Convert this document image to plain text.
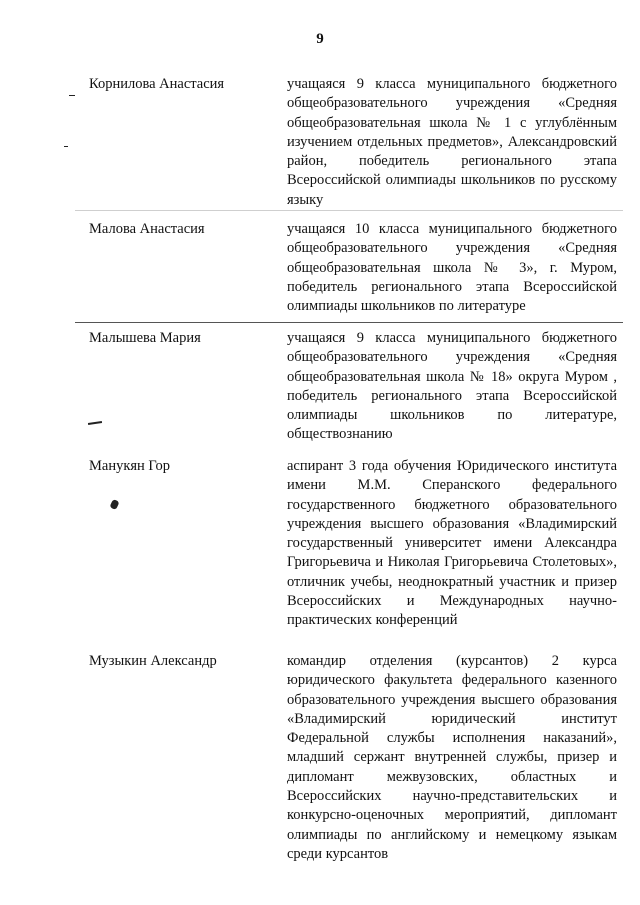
9
Корнилова Анастасия	учащаяся 9 класса муниципального бюджетного общеобразовательного учреждения «Средняя общеобразовательная школа № 1 с углублённым изучением отдельных предметов», Александровский район, победитель регионального этапа Всероссийской олимпиады школьников по русскому языку
Малова Анастасия	учащаяся 10 класса муниципального бюджетного общеобразовательного учреждения «Средняя общеобразовательная школа № 3», г. Муром, победитель регионального этапа Всероссийской олимпиады школьников по литературе
Малышева Мария	учащаяся 9 класса муниципального бюджетного общеобразовательного учреждения «Средняя общеобразовательная школа № 18» округа Муром , победитель регионального этапа Всероссийской олимпиады школьников по литературе, обществознанию
Манукян Гор	аспирант 3 года обучения Юридического института имени М.М. Сперанского федерального государственного бюджетного образовательного учреждения высшего образования «Владимирский государственный университет имени Александра Григорьевича и Николая Григорьевича Столетовых», отличник учебы, неоднократный участник и призер Всероссийских и Международных научно-практических конференций
Музыкин Александр	командир отделения (курсантов) 2 курса юридического факультета федерального казенного образовательного учреждения высшего образования «Владимирский юридический институт Федеральной службы исполнения наказаний», младший сержант внутренней службы, призер и дипломант межвузовских, областных и Всероссийских научно-представительских и конкурсно-оценочных мероприятий, дипломант олимпиады по английскому и немецкому языкам среди курсантов
